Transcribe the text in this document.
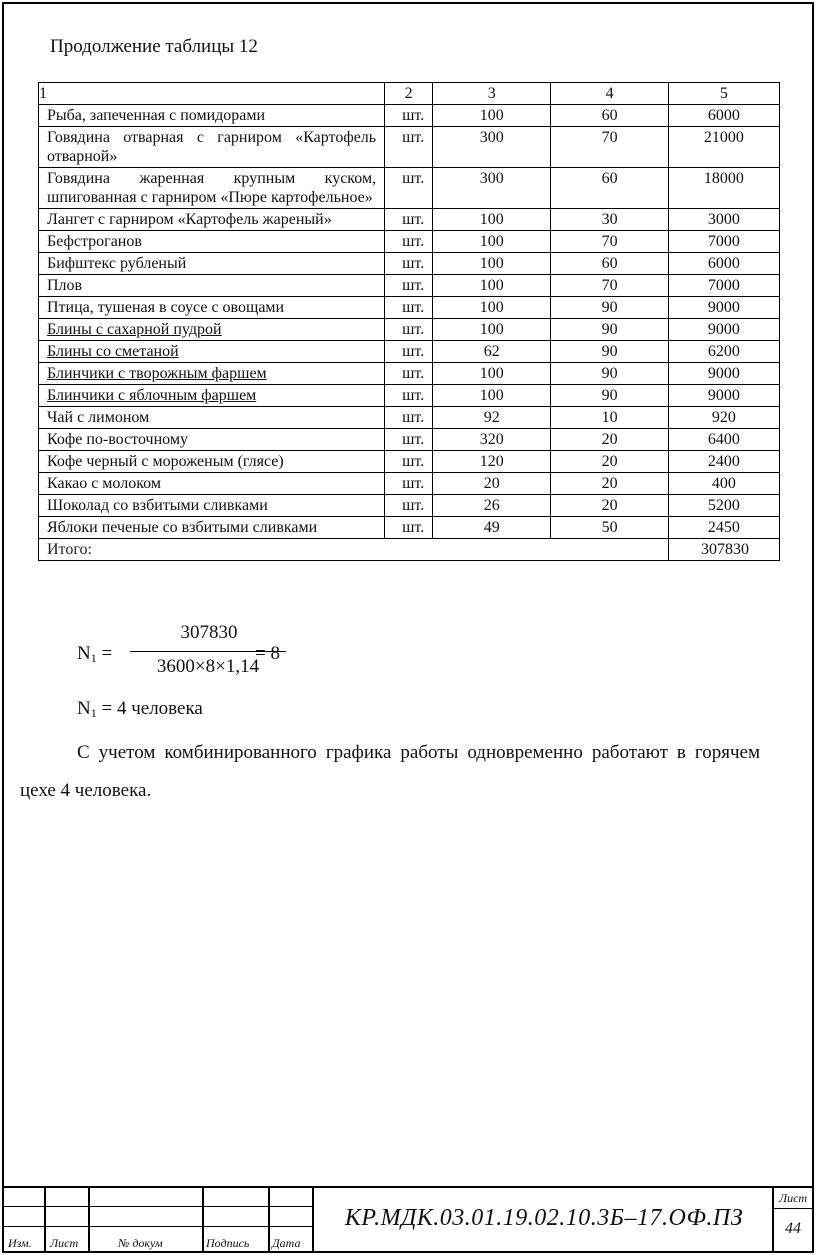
Продолжение таблицы 12
1	2	3	4	5
Рыба, запеченная с помидорами	шт.	100	60	6000
Говядина отварная с гарниром «Картофель отварной»	шт.	300	70	21000
Говядина жаренная крупным куском, шпигованная с гарниром «Пюре картофельное»	шт.	300	60	18000
Лангет с гарниром «Картофель жареный»	шт.	100	30	3000
Бефстроганов	шт.	100	70	7000
Бифштекс рубленый	шт.	100	60	6000
Плов	шт.	100	70	7000
Птица, тушеная в соусе с овощами	шт.	100	90	9000
Блины с сахарной пудрой	шт.	100	90	9000
Блины со сметаной	шт.	62	90	6200
Блинчики с творожным фаршем	шт.	100	90	9000
Блинчики с яблочным фаршем	шт.	100	90	9000
Чай с лимоном	шт.	92	10	920
Кофе по-восточному	шт.	320	20	6400
Кофе черный с мороженым (глясе)	шт.	120	20	2400
Какао с молоком	шт.	20	20	400
Шоколад со взбитыми сливками	шт.	26	20	5200
Яблоки печеные со взбитыми сливками	шт.	49	50	2450
Итого:				307830
$N_1$ =
307830
3600×8×1,14
= 8
$N_1 = 4$ человека
С учетом комбинированного графика работы одновременно работают в горячем цехе 4 человека.
Изм. Лист	№ докум	Подпись Дата
КР.МДК.03.01.19.02.10.3Б–17.ОФ.ПЗ
Лист
44
